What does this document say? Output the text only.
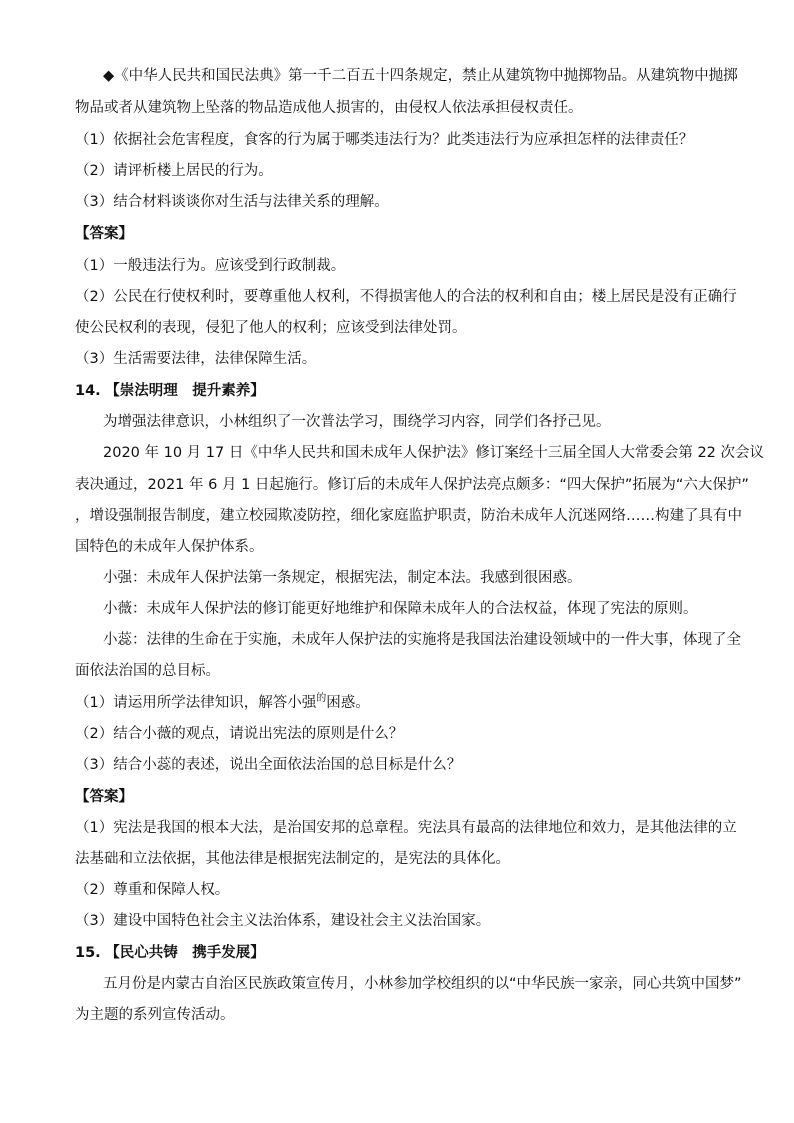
◆《中华人民共和国民法典》第一千二百五十四条规定，禁止从建筑物中抛掷物品。从建筑物中抛掷
物品或者从建筑物上坠落的物品造成他人损害的，由侵权人依法承担侵权责任。
（1）依据社会危害程度，食客的行为属于哪类违法行为？此类违法行为应承担怎样的法律责任？
（2）请评析楼上居民的行为。
（3）结合材料谈谈你对生活与法律关系的理解。
【答案】
（1）一般违法行为。应该受到行政制裁。
（2）公民在行使权利时，要尊重他人权利，不得损害他人的合法的权利和自由；楼上居民是没有正确行
使公民权利的表现，侵犯了他人的权利；应该受到法律处罚。
（3）生活需要法律，法律保障生活。
14. 【崇法明理　提升素养】
为增强法律意识，小林组织了一次普法学习，围绕学习内容，同学们各抒己见。
2020 年 10 月 17 日《中华人民共和国未成年人保护法》修订案经十三届全国人大常委会第 22 次会议
表决通过，2021 年 6 月 1 日起施行。修订后的未成年人保护法亮点颇多：“四大保护”拓展为“六大保护”
，增设强制报告制度，建立校园欺凌防控，细化家庭监护职责，防治未成年人沉迷网络……构建了具有中
国特色的未成年人保护体系。
小强：未成年人保护法第一条规定，根据宪法，制定本法。我感到很困惑。
小薇：未成年人保护法的修订能更好地维护和保障未成年人的合法权益，体现了宪法的原则。
小蕊：法律的生命在于实施，未成年人保护法的实施将是我国法治建设领域中的一件大事，体现了全
面依法治国的总目标。
（1）请运用所学法律知识，解答小强$^的$困惑。
（2）结合小薇的观点，请说出宪法的原则是什么？
（3）结合小蕊的表述，说出全面依法治国的总目标是什么？
【答案】
（1）宪法是我国的根本大法，是治国安邦的总章程。宪法具有最高的法律地位和效力，是其他法律的立
法基础和立法依据，其他法律是根据宪法制定的，是宪法的具体化。
（2）尊重和保障人权。
（3）建设中国特色社会主义法治体系，建设社会主义法治国家。
15. 【民心共铸　携手发展】
五月份是内蒙古自治区民族政策宣传月，小林参加学校组织的以“中华民族一家亲，同心共筑中国梦”
为主题的系列宣传活动。
